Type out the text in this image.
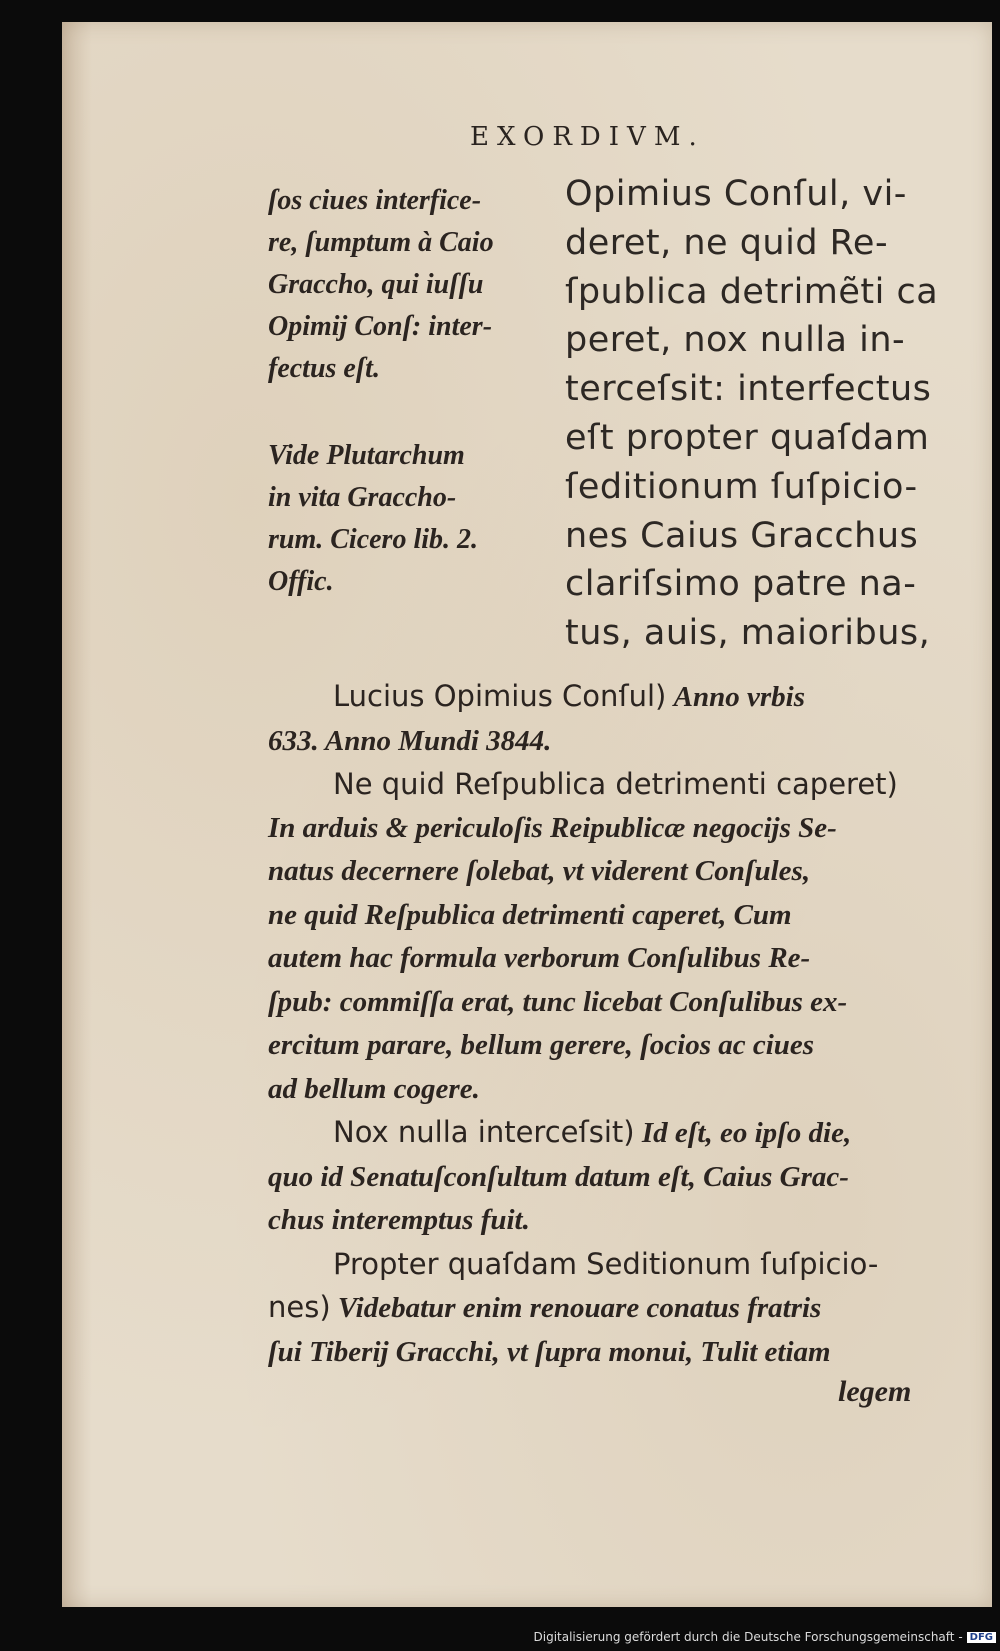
EXORDIVM.

ſos ciues interfice-

re, ſumptum à Caio

Graccho, qui iuſſu

Opimij Conſ: inter-

fectus eſt.

Vide Plutarchum

in vita Graccho-

rum. Cicero lib. 2.

Offic.

Opimius Conſul, vi-

deret, ne quid Re-

ſpublica detrimẽti ca

peret, nox nulla in-

terceſsit: interfectus

eſt propter quaſdam

ſeditionum ſuſpicio-

nes Caius Gracchus

clariſsimo patre na-

tus, auis, maioribus,

Lucius Opimius Conſul) Anno vrbis
633. Anno Mundi 3844.
Ne quid Reſpublica detrimenti caperet)
In arduis & periculoſis Reipublicæ negocijs Se-
natus decernere ſolebat, vt viderent Conſules,
ne quid Reſpublica detrimenti caperet, Cum
autem hac formula verborum Conſulibus Re-
ſpub: commiſſa erat, tunc licebat Conſulibus ex-
ercitum parare, bellum gerere, ſocios ac ciues
ad bellum cogere.
Nox nulla interceſsit) Id eſt, eo ipſo die,
quo id Senatuſconſultum datum eſt, Caius Grac-
chus interemptus fuit.
Propter quaſdam Seditionum ſuſpicio-
nes) Videbatur enim renouare conatus fratris
ſui Tiberij Gracchi, vt ſupra monui, Tulit etiam
legem
Digitalisierung gefördert durch die Deutsche Forschungsgemeinschaft - DFG
